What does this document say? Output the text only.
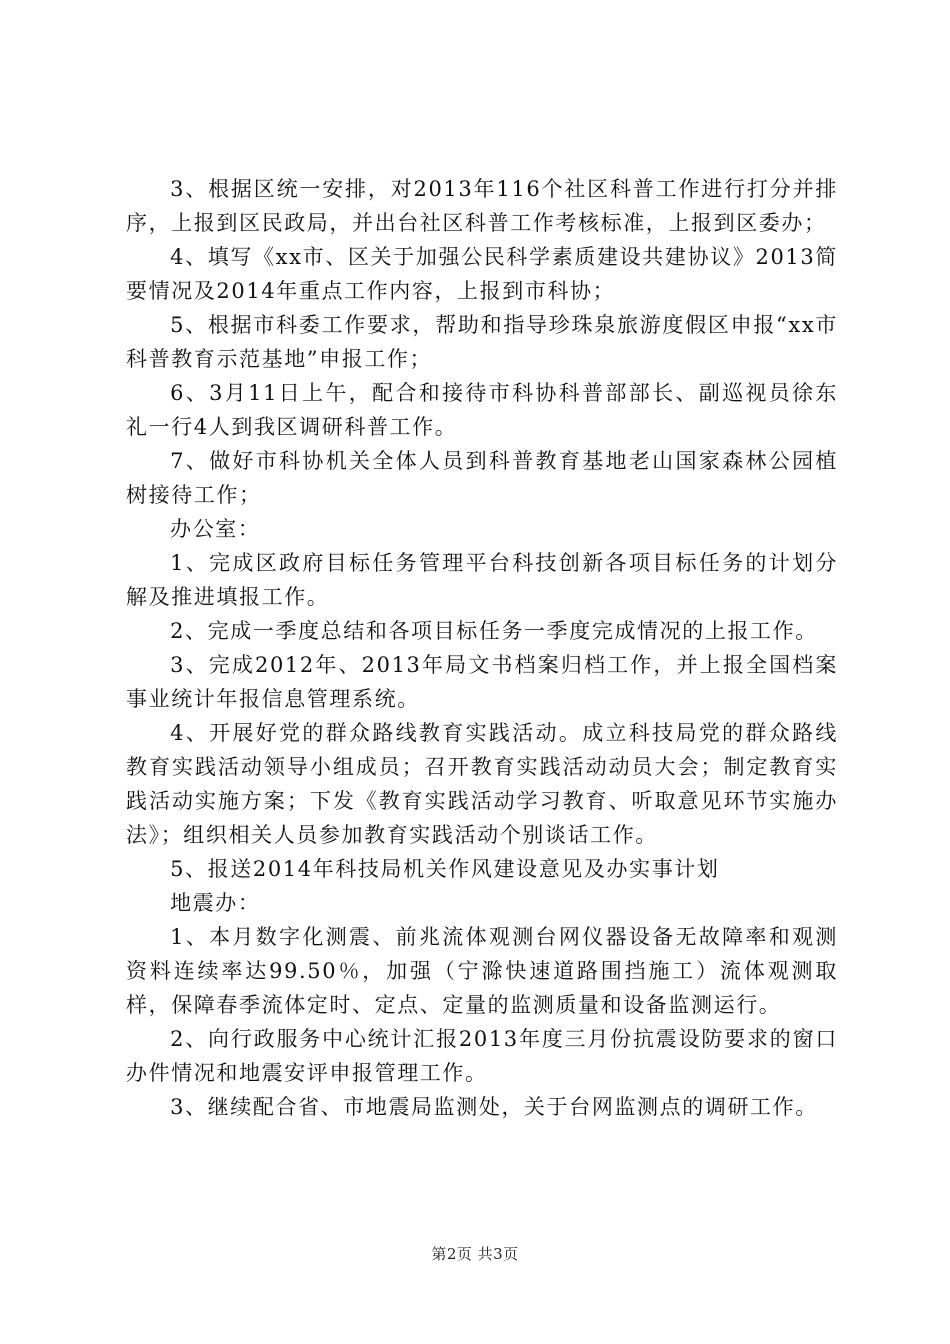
3、根据区统一安排，对2013年116个社区科普工作进行打分并排序，上报到区民政局，并出台社区科普工作考核标准，上报到区委办；

4、填写《xx市、区关于加强公民科学素质建设共建协议》2013简要情况及2014年重点工作内容，上报到市科协；

5、根据市科委工作要求，帮助和指导珍珠泉旅游度假区申报“xx市科普教育示范基地”申报工作；

6、3月11日上午，配合和接待市科协科普部部长、副巡视员徐东礼一行4人到我区调研科普工作。

7、做好市科协机关全体人员到科普教育基地老山国家森林公园植树接待工作；

办公室：

1、完成区政府目标任务管理平台科技创新各项目标任务的计划分解及推进填报工作。

2、完成一季度总结和各项目标任务一季度完成情况的上报工作。

3、完成2012年、2013年局文书档案归档工作，并上报全国档案事业统计年报信息管理系统。

4、开展好党的群众路线教育实践活动。成立科技局党的群众路线教育实践活动领导小组成员；召开教育实践活动动员大会；制定教育实践活动实施方案；下发《教育实践活动学习教育、听取意见环节实施办法》；组织相关人员参加教育实践活动个别谈话工作。

5、报送2014年科技局机关作风建设意见及办实事计划

地震办：

1、本月数字化测震、前兆流体观测台网仪器设备无故障率和观测资料连续率达99.50％，加强（宁滁快速道路围挡施工）流体观测取样，保障春季流体定时、定点、定量的监测质量和设备监测运行。

2、向行政服务中心统计汇报2013年度三月份抗震设防要求的窗口办件情况和地震安评申报管理工作。

3、继续配合省、市地震局监测处，关于台网监测点的调研工作。

第2页 共3页
